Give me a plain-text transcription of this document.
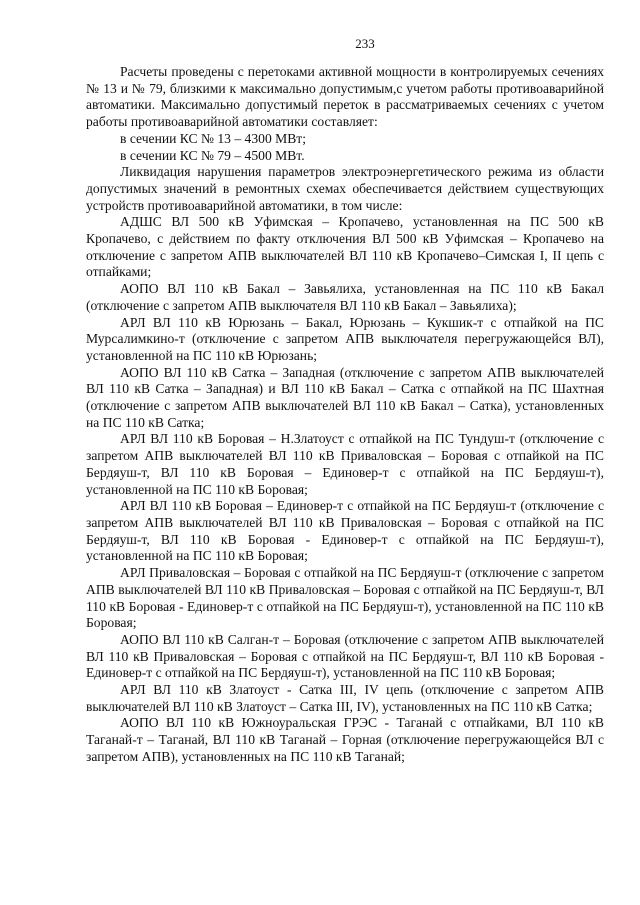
233

Расчеты проведены с перетоками активной мощности в контролируемых сечениях № 13 и № 79, близкими к максимально допустимым,с учетом работы противоаварийной автоматики. Максимально допустимый переток в рассматриваемых сечениях с учетом работы противоаварийной автоматики составляет:

в сечении КС № 13 – 4300 МВт;

в сечении КС № 79 – 4500 МВт.

Ликвидация нарушения параметров электроэнергетического режима из области допустимых значений в ремонтных схемах обеспечивается действием существующих устройств противоаварийной автоматики, в том числе:

АДШС ВЛ 500 кВ Уфимская – Кропачево, установленная на ПС 500 кВ Кропачево, с действием по факту отключения ВЛ 500 кВ Уфимская – Кропачево на отключение с запретом АПВ выключателей ВЛ 110 кВ Кропачево–Симская I, II цепь с отпайками;

АОПО ВЛ 110 кВ Бакал – Завьялиха, установленная на ПС 110 кВ Бакал (отключение с запретом АПВ выключателя ВЛ 110 кВ Бакал – Завьялиха);

АРЛ ВЛ 110 кВ Юрюзань – Бакал, Юрюзань – Кукшик-т с отпайкой на ПС Мурсалимкино-т (отключение с запретом АПВ выключателя перегружающейся ВЛ), установленной на ПС 110 кВ Юрюзань;

АОПО ВЛ 110 кВ Сатка – Западная (отключение с запретом АПВ выключателей ВЛ 110 кВ Сатка – Западная) и ВЛ 110 кВ Бакал – Сатка с отпайкой на ПС Шахтная (отключение с запретом АПВ выключателей ВЛ 110 кВ Бакал – Сатка), установленных на ПС 110 кВ Сатка;

АРЛ ВЛ 110 кВ Боровая – Н.Златоуст с отпайкой на ПС Тундуш-т (отключение с запретом АПВ выключателей ВЛ 110 кВ Приваловская – Боровая с отпайкой на ПС Бердяуш-т, ВЛ 110 кВ Боровая – Единовер-т с отпайкой на ПС Бердяуш-т), установленной на ПС 110 кВ Боровая;

АРЛ ВЛ 110 кВ Боровая – Единовер-т с отпайкой на ПС Бердяуш-т (отключение с запретом АПВ выключателей ВЛ 110 кВ Приваловская – Боровая с отпайкой на ПС Бердяуш-т, ВЛ 110 кВ Боровая - Единовер-т с отпайкой на ПС Бердяуш-т), установленной на ПС 110 кВ Боровая;

АРЛ Приваловская – Боровая с отпайкой на ПС Бердяуш-т (отключение с запретом АПВ выключателей ВЛ 110 кВ Приваловская – Боровая с отпайкой на ПС Бердяуш-т, ВЛ 110 кВ Боровая - Единовер-т с отпайкой на ПС Бердяуш-т), установленной на ПС 110 кВ Боровая;

АОПО ВЛ 110 кВ Салган-т – Боровая (отключение с запретом АПВ выключателей ВЛ 110 кВ Приваловская – Боровая с отпайкой на ПС Бердяуш-т, ВЛ 110 кВ Боровая - Единовер-т с отпайкой на ПС Бердяуш-т), установленной на ПС 110 кВ Боровая;

АРЛ ВЛ 110 кВ Златоуст - Сатка III, IV цепь (отключение с запретом АПВ выключателей ВЛ 110 кВ Златоуст – Сатка III, IV), установленных на ПС 110 кВ Сатка;

АОПО ВЛ 110 кВ Южноуральская ГРЭС - Таганай с отпайками, ВЛ 110 кВ Таганай-т – Таганай, ВЛ 110 кВ Таганай – Горная (отключение перегружающейся ВЛ с запретом АПВ), установленных на ПС 110 кВ Таганай;
